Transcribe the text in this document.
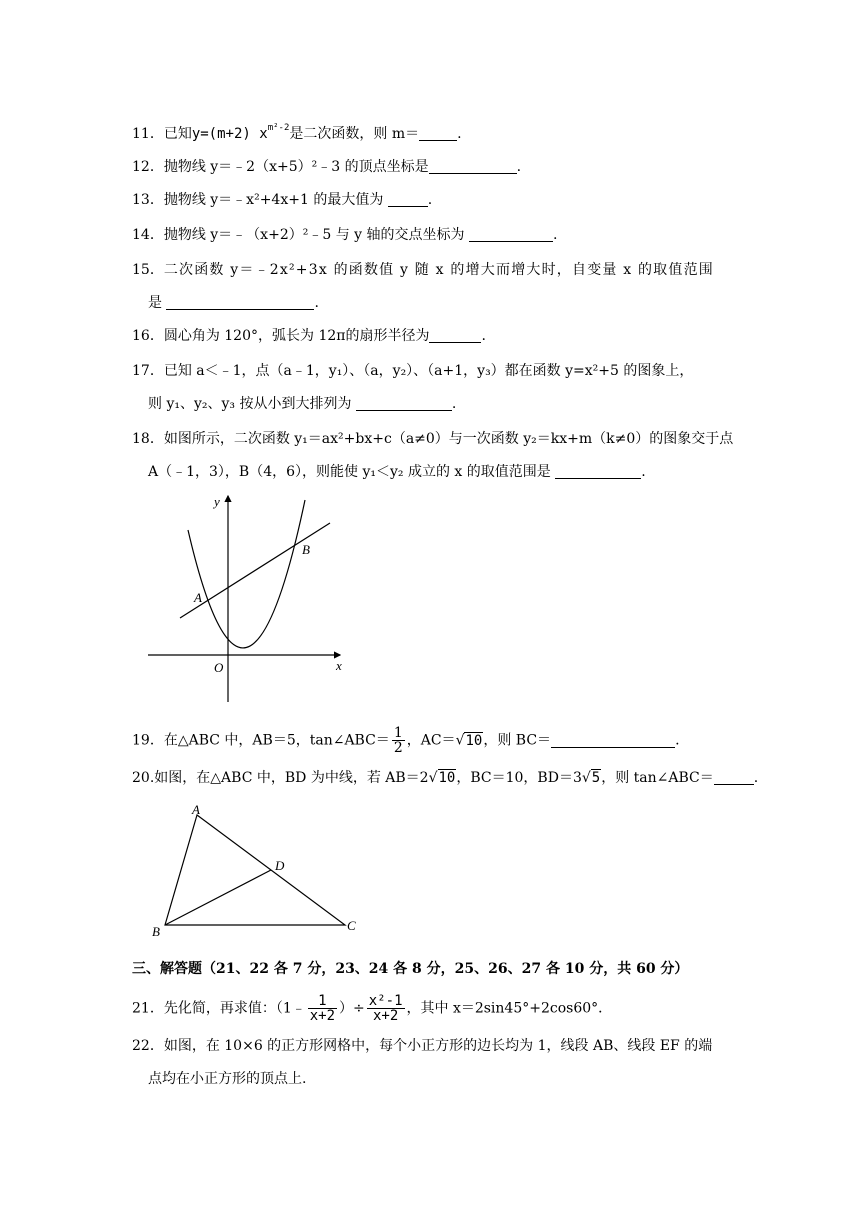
11．已知y=(m+2) $x^{m^2-2}$是二次函数，则 m＝	.
12．抛物线 y＝﹣2（x+5）²﹣3 的顶点坐标是	.
13．抛物线 y＝﹣x²+4x+1 的最大值为	.
14．抛物线 y＝﹣（x+2）²﹣5 与 y 轴的交点坐标为	.
15．二次函数 y＝﹣2x²+3x 的函数值 y 随 x 的增大而增大时，自变量 x 的取值范围
是	.
16．圆心角为 120°，弧长为 12π的扇形半径为	.
17．已知 a＜﹣1，点（a﹣1，y₁）、（a，y₂）、（a+1，y₃）都在函数 y=x²+5 的图象上，
则 y₁、y₂、y₃ 按从小到大排列为	.
18．如图所示，二次函数 y₁＝ax²+bx+c（a≠0）与一次函数 y₂＝kx+m（k≠0）的图象交于点
A（﹣1，3），B（4，6），则能使 y₁＜y₂ 成立的 x 的取值范围是	.
y
x
O
A
B
19．在△ABC 中，AB＝5，tan∠ABC＝ $\frac{1}{2}$ ，AC＝√10，则 BC＝	.
20.如图，在△ABC 中，BD 为中线，若 AB＝2√10，BC＝10，BD＝3√5，则 tan∠ABC＝	.
A
B	C
D
三、解答题（21、22 各 7 分，23、24 各 8 分，25、26、27 各 10 分，共 60 分）
21．先化简，再求值：（1﹣ $\frac{1}{x+2}$ ）÷ $\frac{\text{x²-1}}{x+2}$ ，其中 x＝2sin45°+2cos60°．
22．如图，在 10×6 的正方形网格中，每个小正方形的边长均为 1，线段 AB、线段 EF 的端
点均在小正方形的顶点上.
